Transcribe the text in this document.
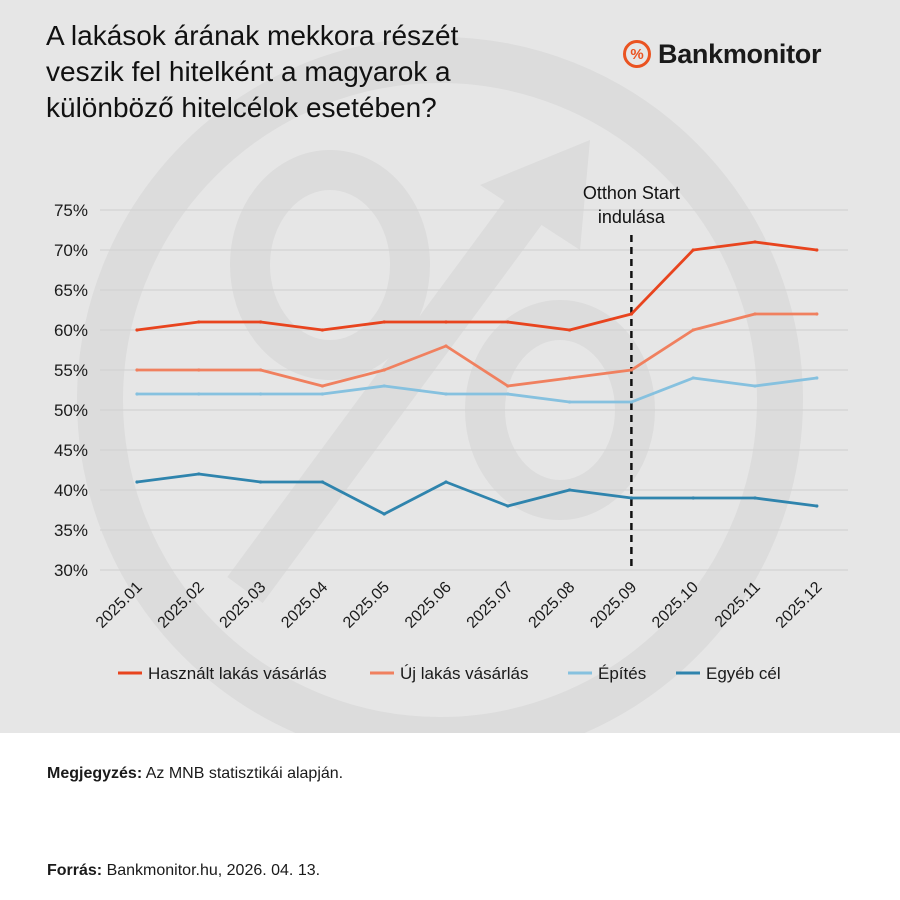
A lakások árának mekkora részét
veszik fel hitelként a magyarok a
különböző hitelcélok esetében?
% Bankmonitor
30%
35%
40%
45%
50%
55%
60%
65%
70%
75%
2025.01 2025.02 2025.03 2025.04 2025.05 2025.06 2025.07 2025.08 2025.09 2025.10 2025.11 2025.12
Otthon Start
indulása
Használt lakás vásárlás	Új lakás vásárlás	Építés	Egyéb cél
Megjegyzés: Az MNB statisztikái alapján.
Forrás: Bankmonitor.hu, 2026. 04. 13.
